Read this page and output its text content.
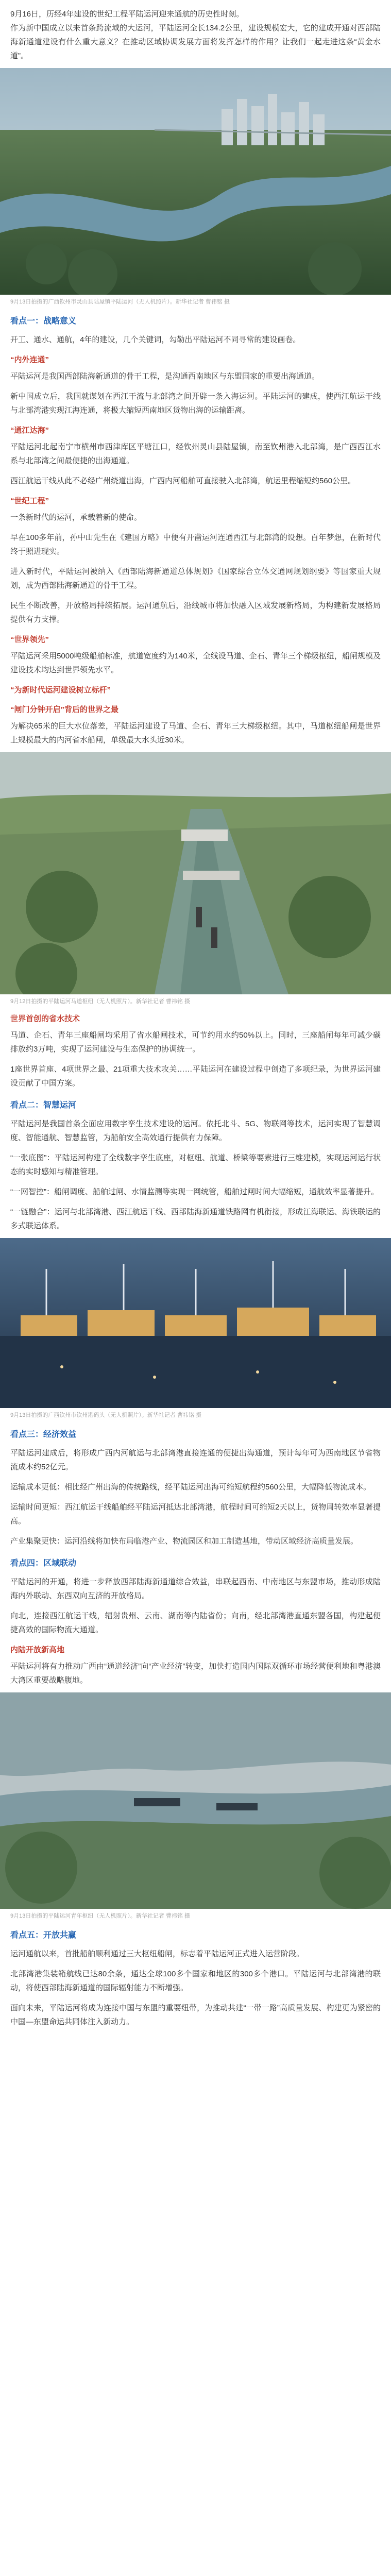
9月16日，历经4年建设的世纪工程平陆运河迎来通航的历史性时刻。

作为新中国成立以来首条跨流域的大运河，平陆运河全长134.2公里，建设规模宏大，它的建成开通对西部陆海新通道建设有什么重大意义？在推动区域协调发展方面将发挥怎样的作用？让我们一起走进这条“黄金水道”。

9月13日拍摄的广西钦州市灵山县陆屋镇平陆运河（无人机照片）。新华社记者 曹祎铭 摄
看点一：战略意义

开工、通水、通航，4年的建设，几个关键词，勾勒出平陆运河不同寻常的建设画卷。

“内外连通”

平陆运河是我国西部陆海新通道的骨干工程，是沟通西南地区与东盟国家的重要出海通道。

新中国成立后，我国就谋划在西江干流与北部湾之间开辟一条入海运河。平陆运河的建成，使西江航运干线与北部湾港实现江海连通，将极大缩短西南地区货物出海的运输距离。

“通江达海”

平陆运河北起南宁市横州市西津库区平塘江口，经钦州灵山县陆屋镇，南至钦州港入北部湾，是广西西江水系与北部湾之间最便捷的出海通道。

西江航运干线从此不必经广州绕道出海，广西内河船舶可直接驶入北部湾，航运里程缩短约560公里。

“世纪工程”

一条新时代的运河，承载着新的使命。

早在100多年前，孙中山先生在《建国方略》中便有开凿运河连通西江与北部湾的设想。百年梦想，在新时代终于照进现实。

进入新时代，平陆运河被纳入《西部陆海新通道总体规划》《国家综合立体交通网规划纲要》等国家重大规划，成为西部陆海新通道的骨干工程。

民生不断改善，开放格局持续拓展。运河通航后，沿线城市将加快融入区域发展新格局，为构建新发展格局提供有力支撑。

“世界领先”

平陆运河采用5000吨级船舶标准，航道宽度约为140米，全线设马道、企石、青年三个梯级枢纽，船闸规模及建设技术均达到世界领先水平。

“为新时代运河建设树立标杆”
“闸门分钟开启”背后的世界之最

为解决65米的巨大水位落差，平陆运河建设了马道、企石、青年三大梯级枢纽。其中，马道枢纽船闸是世界上规模最大的内河省水船闸，单级最大水头近30米。

9月12日拍摄的平陆运河马道枢纽（无人机照片）。新华社记者 曹祎铭 摄
世界首创的省水技术

马道、企石、青年三座船闸均采用了省水船闸技术，可节约用水约50%以上。同时，三座船闸每年可减少碳排放约3万吨，实现了运河建设与生态保护的协调统一。

1座世界首座、4项世界之最、21项重大技术攻关……平陆运河在建设过程中创造了多项纪录，为世界运河建设贡献了中国方案。

看点二：智慧运河

平陆运河是我国首条全面应用数字孪生技术建设的运河。依托北斗、5G、物联网等技术，运河实现了智慧调度、智能通航、智慧监管，为船舶安全高效通行提供有力保障。

“一张底图”：平陆运河构建了全线数字孪生底座，对枢纽、航道、桥梁等要素进行三维建模，实现运河运行状态的实时感知与精准管理。

“一网智控”：船闸调度、船舶过闸、水情监测等实现一网统管，船舶过闸时间大幅缩短，通航效率显著提升。

“一链融合”：运河与北部湾港、西江航运干线、西部陆海新通道铁路网有机衔接，形成江海联运、海铁联运的多式联运体系。

9月13日拍摄的广西钦州市钦州港码头（无人机照片）。新华社记者 曹祎铭 摄
看点三：经济效益

平陆运河建成后，将形成广西内河航运与北部湾港直接连通的便捷出海通道，预计每年可为西南地区节省物流成本约52亿元。

运输成本更低：相比经广州出海的传统路线，经平陆运河出海可缩短航程约560公里，大幅降低物流成本。

运输时间更短：西江航运干线船舶经平陆运河抵达北部湾港，航程时间可缩短2天以上，货物周转效率显著提高。

产业集聚更快：运河沿线将加快布局临港产业、物流园区和加工制造基地，带动区域经济高质量发展。

看点四：区域联动

平陆运河的开通，将进一步释放西部陆海新通道综合效益，串联起西南、中南地区与东盟市场，推动形成陆海内外联动、东西双向互济的开放格局。

向北，连接西江航运干线，辐射贵州、云南、湖南等内陆省份；向南，经北部湾港直通东盟各国，构建起便捷高效的国际物流大通道。

内陆开放新高地

平陆运河将有力推动广西由“通道经济”向“产业经济”转变，加快打造国内国际双循环市场经营便利地和粤港澳大湾区重要战略腹地。

9月13日拍摄的平陆运河青年枢纽（无人机照片）。新华社记者 曹祎铭 摄
看点五：开放共赢

运河通航以来，首批船舶顺利通过三大枢纽船闸，标志着平陆运河正式进入运营阶段。

北部湾港集装箱航线已达80余条，通达全球100多个国家和地区的300多个港口。平陆运河与北部湾港的联动，将使西部陆海新通道的国际辐射能力不断增强。

面向未来，平陆运河将成为连接中国与东盟的重要纽带，为推动共建“一带一路”高质量发展、构建更为紧密的中国—东盟命运共同体注入新动力。
